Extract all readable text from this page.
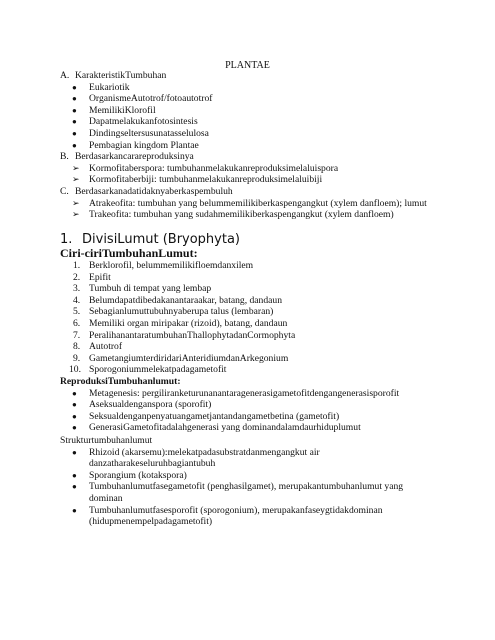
PLANTAE
A. KarakteristikTumbuhan
● Eukariotik
● OrganismeAutotrof/fotoautotrof
● MemilikiKlorofil
● Dapatmelakukanfotosintesis
● Dindingseltersusunatasselulosa
● Pembagian kingdom Plantae
B. Berdasarkancarareproduksinya
➢ Kormofitaberspora: tumbuhanmelakukanreproduksimelaluispora
➢ Kormofitaberbiji: tumbuhanmelakukanreproduksimelaluibiji
C. Berdasarkanadatidaknyaberkaspembuluh
➢ Atrakeofita: tumbuhan yang belummemilikiberkaspengangkut (xylem danfloem); lumut
➢ Trakeofita: tumbuhan yang sudahmemilikiberkaspengangkut (xylem danfloem)
1. DivisiLumut (Bryophyta)
Ciri-ciriTumbuhanLumut:
1. Berklorofil, belummemilikifloemdanxilem
2. Epifit
3. Tumbuh di tempat yang lembap
4. Belumdapatdibedakanantaraakar, batang, dandaun
5. Sebagianlumuttubuhnyaberupa talus (lembaran)
6. Memiliki organ miripakar (rizoid), batang, dandaun
7. PeralihanantaratumbuhanThallophytadanCormophyta
8. Autotrof
9. GametangiumterdiridariAnteridiumdanArkegonium
10. Sporogoniummelekatpadagametofit
ReproduksiTumbuhanlumut:
● Metagenesis: pergiliranketurunanantaragenerasigametofitdengangenerasisporofit
● Aseksualdenganspora (sporofit)
● Seksualdenganpenyatuangametjantandangametbetina (gametofit)
● GenerasiGametofitadalahgenerasi yang dominandalamdaurhiduplumut
Strukturtumbuhanlumut
● Rhizoid (akarsemu):melekatpadasubstratdanmengangkut air
danzatharakeseluruhbagiantubuh
● Sporangium (kotakspora)
● Tumbuhanlumutfasegametofit (penghasilgamet), merupakantumbuhanlumut yang
dominan
● Tumbuhanlumutfasesporofit (sporogonium), merupakanfaseygtidakdominan
(hidupmenempelpadagametofit)
